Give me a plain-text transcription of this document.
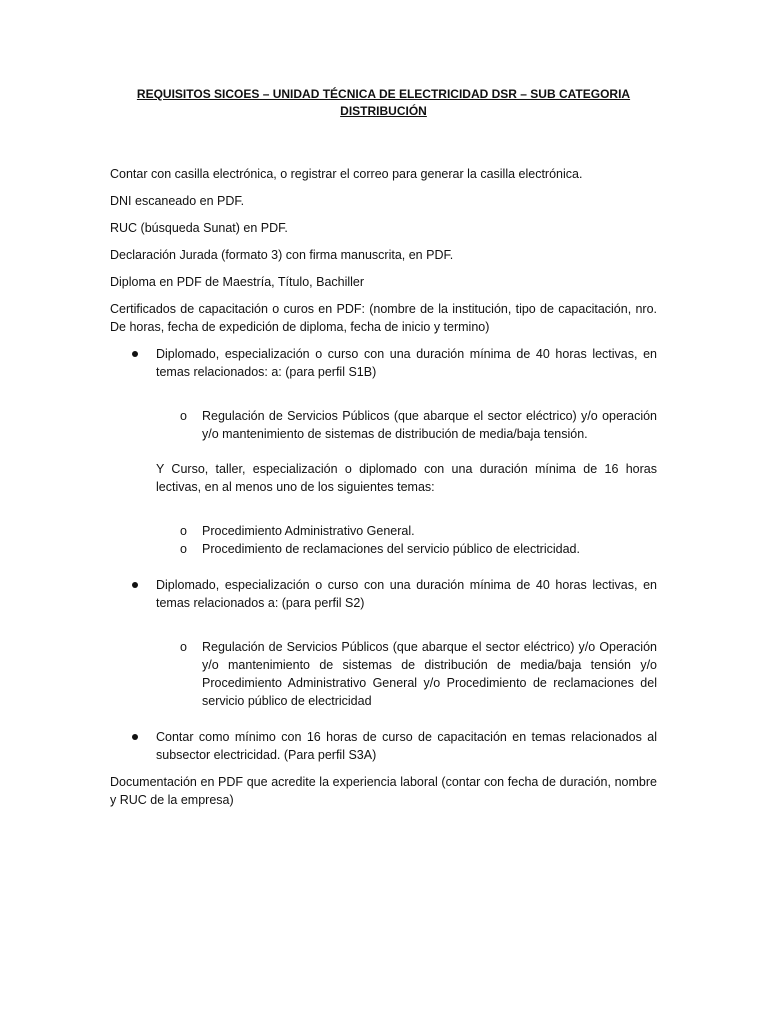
REQUISITOS SICOES – UNIDAD TÉCNICA DE ELECTRICIDAD DSR – SUB CATEGORIA
DISTRIBUCIÓN

Contar con casilla electrónica, o registrar el correo para generar la casilla electrónica.

DNI escaneado en PDF.

RUC (búsqueda Sunat) en PDF.

Declaración Jurada (formato 3) con firma manuscrita, en PDF.

Diploma en PDF de Maestría, Título, Bachiller

Certificados de capacitación o curos en PDF: (nombre de la institución, tipo de capacitación, nro. De horas, fecha de expedición de diploma, fecha de inicio y termino)

Diplomado, especialización o curso con una duración mínima de 40 horas lectivas, en temas relacionados: a: (para perfil S1B)
o Regulación de Servicios Públicos (que abarque el sector eléctrico) y/o operación y/o mantenimiento de sistemas de distribución de media/baja tensión.
Y Curso, taller, especialización o diplomado con una duración mínima de 16 horas lectivas, en al menos uno de los siguientes temas:
o Procedimiento Administrativo General.
o Procedimiento de reclamaciones del servicio público de electricidad.
Diplomado, especialización o curso con una duración mínima de 40 horas lectivas, en temas relacionados a: (para perfil S2)
o Regulación de Servicios Públicos (que abarque el sector eléctrico) y/o Operación y/o mantenimiento de sistemas de distribución de media/baja tensión y/o Procedimiento Administrativo General y/o Procedimiento de reclamaciones del servicio público de electricidad
Contar como mínimo con 16 horas de curso de capacitación en temas relacionados al subsector electricidad. (Para perfil S3A)

Documentación en PDF que acredite la experiencia laboral (contar con fecha de duración, nombre y RUC de la empresa)
